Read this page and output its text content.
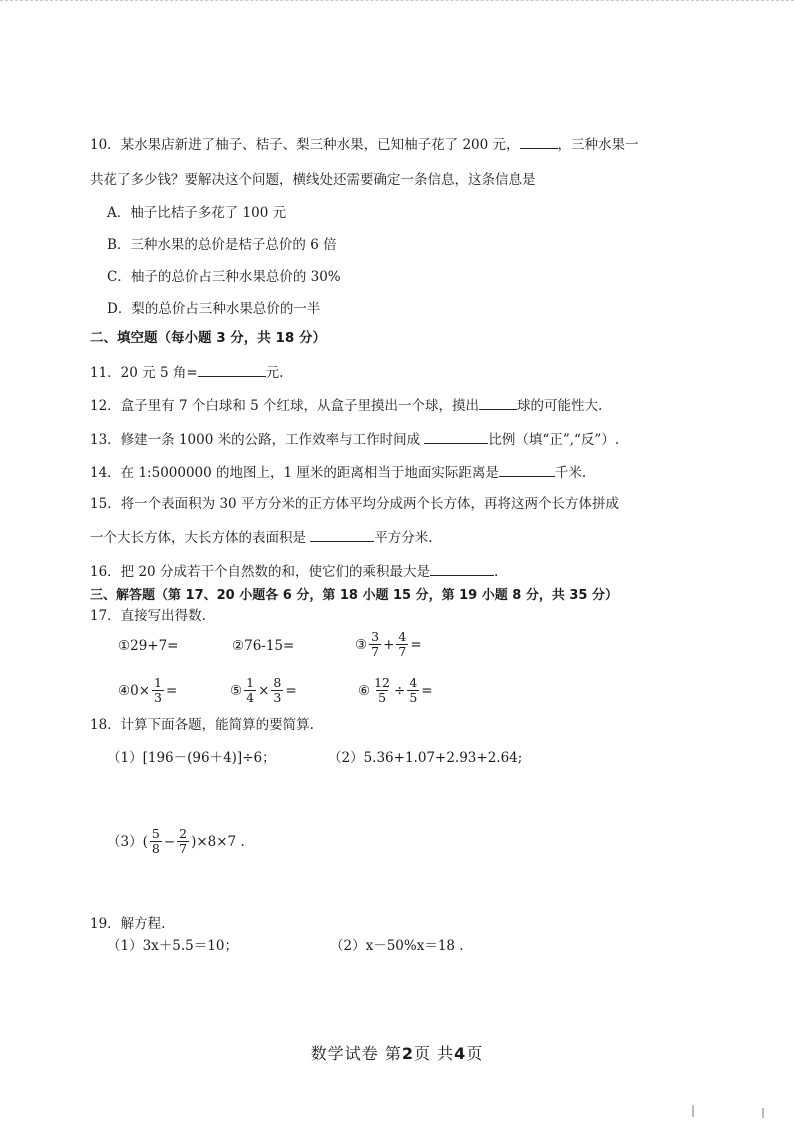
10．某水果店新进了柚子、桔子、梨三种水果，已知柚子花了 200 元，	，三种水果一
共花了多少钱？要解决这个问题，横线处还需要确定一条信息，这条信息是
A．柚子比桔子多花了 100 元
B．三种水果的总价是桔子总价的 6 倍
C．柚子的总价占三种水果总价的 30%
D．梨的总价占三种水果总价的一半
二、填空题（每小题 3 分，共 18 分）
11．20 元 5 角=	元.
12．盒子里有 7 个白球和 5 个红球，从盒子里摸出一个球，摸出	球的可能性大.
13．修建一条 1000 米的公路，工作效率与工作时间成	比例（填“正”,“反”）.
14．在 1:5000000 的地图上，1 厘米的距离相当于地面实际距离是	千米.
15．将一个表面积为 30 平方分米的正方体平均分成两个长方体，再将这两个长方体拼成
一个大长方体，大长方体的表面积是	平方分米.
16．把 20 分成若干个自然数的和，使它们的乘积最大是	.
三、解答题（第 17、20 小题各 6 分，第 18 小题 15 分，第 19 小题 8 分，共 35 分）
17．直接写出得数.
①29+7=	②76-15=	③ $\frac{3}{7} + \frac{4}{7}$ =
④ $0\times \frac{1}{3}$ =	⑤ $\frac{1}{4} \times \frac{8}{3}$ =	⑥ $\frac{12}{5} \div \frac{4}{5}$ =
18．计算下面各题，能简算的要简算.
（1）[196－(96＋4)]÷6；	（2）5.36+1.07+2.93+2.64;
$(3)( \frac{5}{8} - \frac{2}{7} )\times 8\times 7$ .
19．解方程.
（1）3x＋5.5＝10；	（2）x－50%x＝18 .
数学试卷 第2页 共4页
